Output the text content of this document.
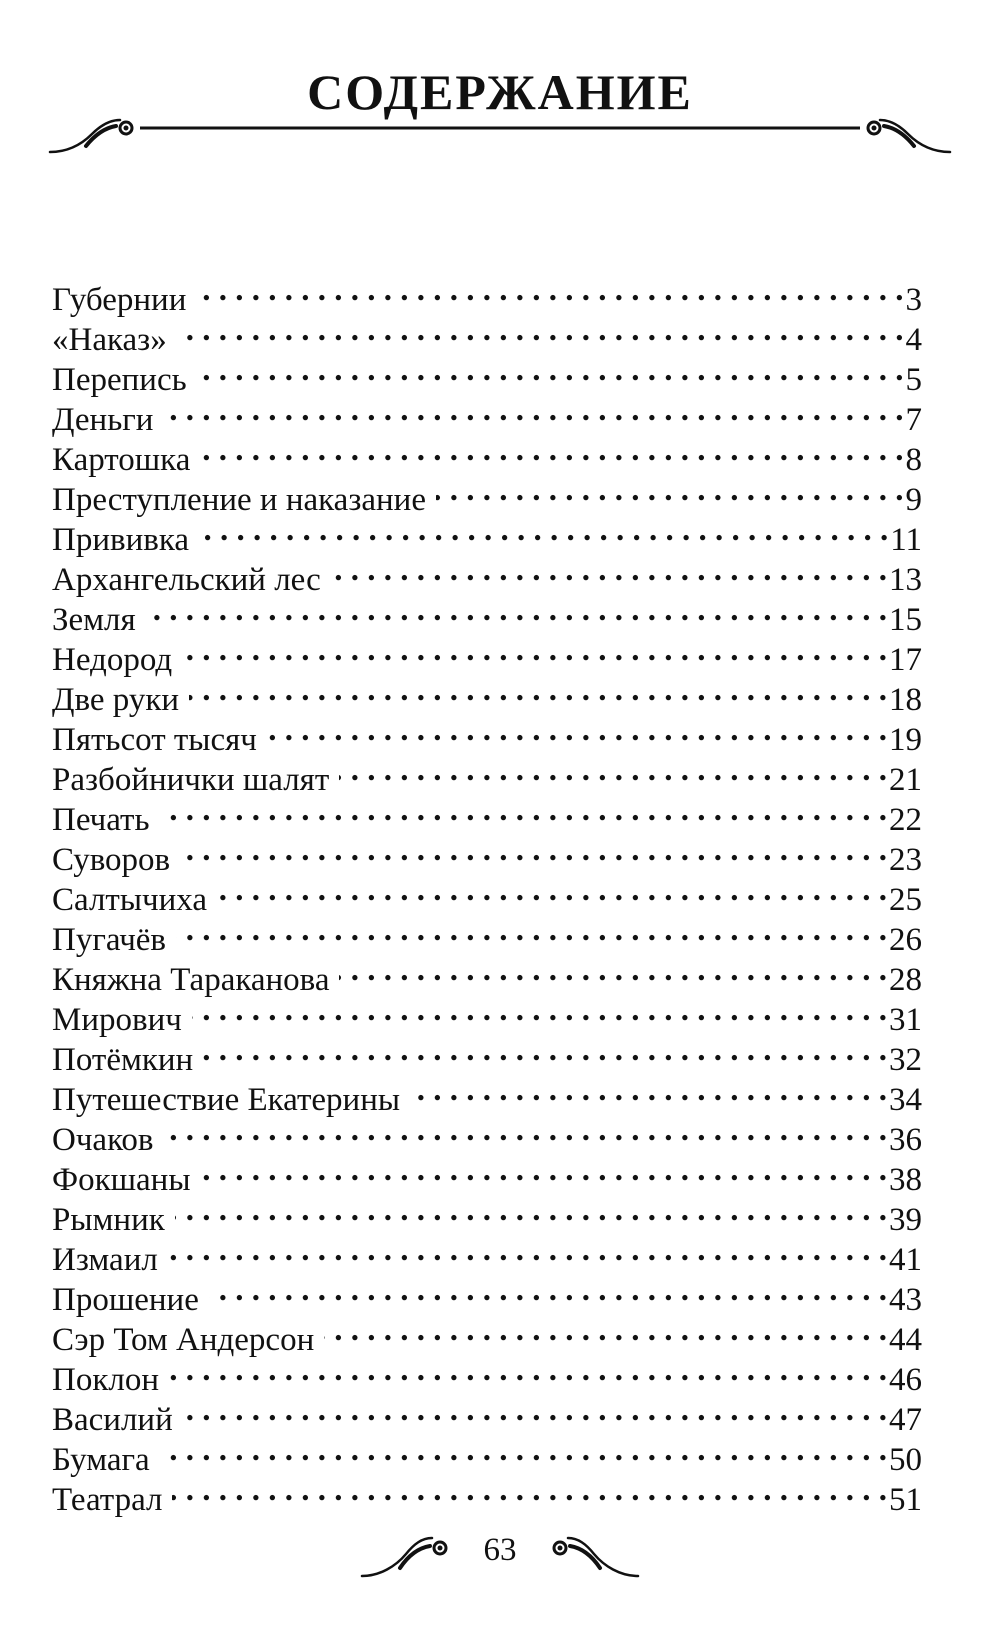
СОДЕРЖАНИЕ
Губернии . . .	3
«Наказ» . . .	4
Перепись . . .	5
Деньги . . .	7
Картошка . . .	8
Преступление и наказание . . .	9
Прививка . . .	11
Архангельский лес . . .	13
Земля . . .	15
Недород . . .	17
Две руки . . .	18
Пятьсот тысяч . . .	19
Разбойнички шалят . . .	21
Печать . . .	22
Суворов . . .	23
Салтычиха . . .	25
Пугачёв . . .	26
Княжна Тараканова . . .	28
Мирович . . .	31
Потёмкин . . .	32
Путешествие Екатерины . . .	34
Очаков . . .	36
Фокшаны . . .	38
Рымник . . .	39
Измаил . . .	41
Прошение . . .	43
Сэр Том Андерсон . . .	44
Поклон . . .	46
Василий . . .	47
Бумага . . .	50
Театрал . . .	51
63
